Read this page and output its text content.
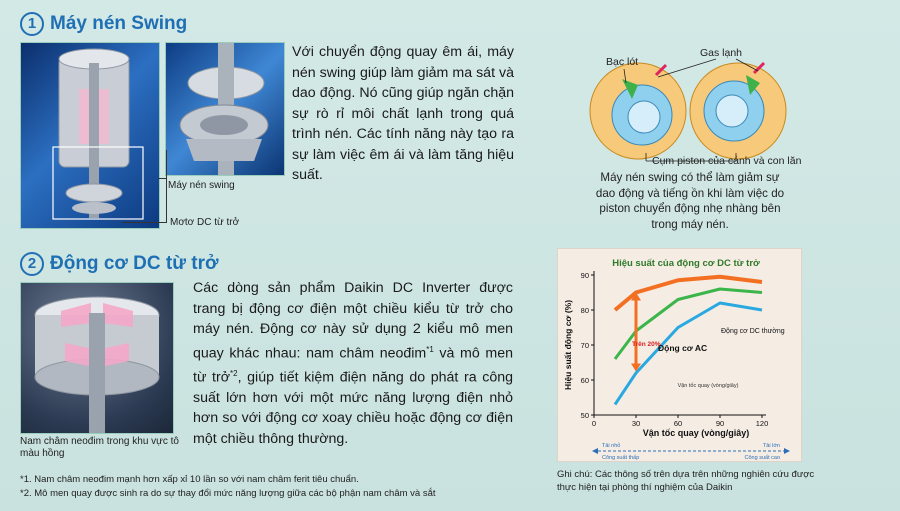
1 Máy nén Swing
Máy nén swing
Mơtơ DC từ trở
Với chuyển động quay êm ái, máy nén swing giúp làm giảm ma sát và dao động. Nó cũng giúp ngăn chặn sự rò rỉ môi chất lạnh trong quá trình nén. Các tính năng này tạo ra sự làm việc êm ái và làm tăng hiệu suất.
Bạc lót
Gas lạnh
Cụm piston của cánh và con lăn
Máy nén swing có thể làm giảm sự dao động và tiếng ồn khi làm việc do piston chuyển động nhẹ nhàng bên trong máy nén.
2 Động cơ DC từ trở
Nam châm neođim trong khu vực tô màu hồng
Các dòng sản phẩm Daikin DC Inverter được trang bị động cơ điện một chiều kiểu từ trở cho máy nén. Động cơ này sử dụng 2 kiểu mô men quay khác nhau: nam châm neođim$^{*1}$ và mô men từ trở$^{*2}$, giúp tiết kiệm điện năng do phát ra công suất lớn hơn với một mức năng lượng điện nhỏ hơn so với động cơ xoay chiều hoặc động cơ điện một chiều thông thường.
*1. Nam châm neođim mạnh hơn xấp xỉ 10 lần so với nam châm ferit tiêu chuẩn.
*2. Mô men quay được sinh ra do sự thay đổi mức năng lượng giữa các bộ phận nam châm và sắt
Hiệu suất của động cơ DC từ trở
Hiệu suất động cơ (%)
Vận tốc quay (vòng/giây)
Vận tốc quay (vòng/giây)
50
60
70
80
90
0	30	60	90	120
Động cơ AC
Động cơ DC thường
Trên 20%
Tải nhỏ
Công suất thấp
Tải lớn
Công suất cao
Ghi chú: Các thông số trên dựa trên những nghiên cứu được thực hiện tại phòng thí nghiệm của Daikin
